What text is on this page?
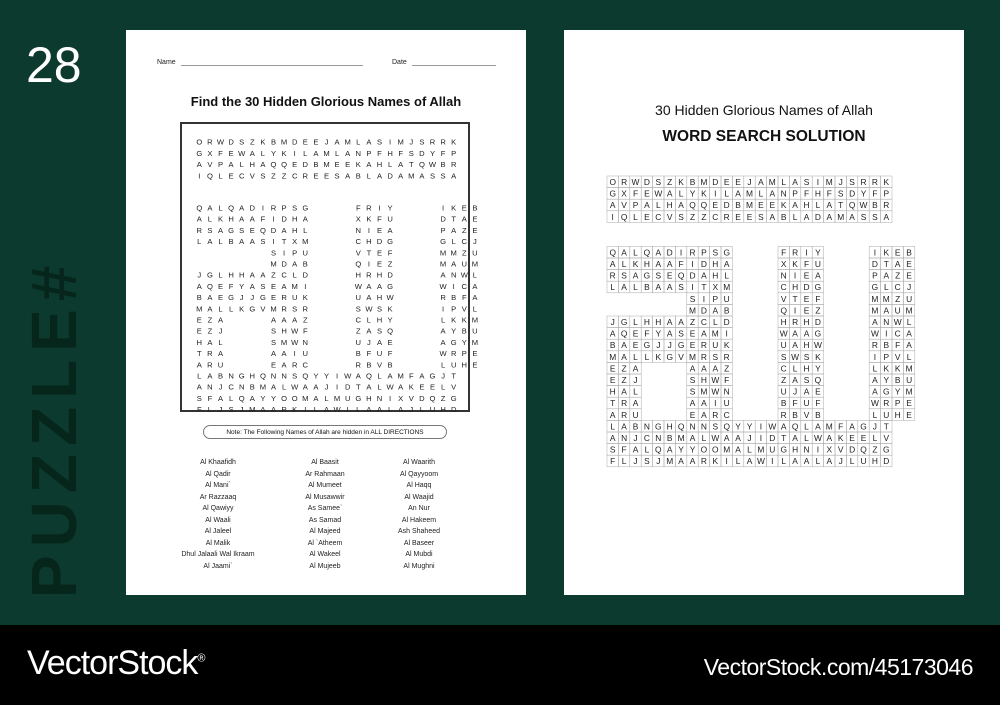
28
PUZZLE#
Name	Date
Find the 30 Hidden Glorious Names of Allah
O R W D S Z K B M D E E J A M L A S I M J S R R K
G X F E W A L Y K I L A M L A N P F H F S D Y F P
A V P A L H A Q Q E D B M E E K A H L A T Q W B R
I Q L E C V S Z Z C R E E S A B L A D A M A S S A
Q A L Q A D I R P S G	F R I Y	I K E B
A L K H A A F I D H A	X K F U	D T A E
R S A G S E Q D A H L	N I E A	P A Z E
L A L B A A S I T X M	C H D G	G L C J
S I P U	V T E F	M M Z U
M D A B	Q I E Z	M A U M
J G L H H A A Z C L D	H R H D	A N W L
A Q E F Y A S E A M I	W A A G	W I C A
B A E G J J G E R U K	U A H W	R B F A
M A L L K G V M R S R	S W S K	I P V L
E Z A	A A A Z	C L H Y	L K K M
E Z J	S H W F	Z A S Q	A Y B U
H A L	S M W N	U J A E	A G Y M
T R A	A A I U	B F U F	W R P E
A R U	E A R C	R B V B	L U H E
L A B N G H Q N N S Q Y Y I W A Q L A M F A G J T
A N J C N B M A L W A A J I D T A L W A K E E L V
S F A L Q A Y Y O O M A L M U G H N I X V D Q Z G
F L J S J M A A R K I L A W I L A A L A J L U H D
Note: The Following Names of Allah are hidden in ALL DIRECTIONS
Al Khaafidh
Al Qadir
Al Mani`
Ar Razzaaq
Al Qawiyy
Al Waali
Al Jaleel
Al Malik
Dhul Jalaali Wal Ikraam
Al Jaami`
Al Baasit
Ar Rahmaan
Al Mumeet
Al Musawwir
As Samee`
As Samad
Al Majeed
Al `Atheem
Al Wakeel
Al Mujeeb
Al Waarith
Al Qayyoom
Al Haqq
Al Waajid
An Nur
Al Hakeem
Ash Shaheed
Al Baseer
Al Mubdi
Al Mughni
30 Hidden Glorious Names of Allah
WORD SEARCH SOLUTION
O R W D S Z K B M D E E J A M L A S I M J S R R K
G X F E W A L Y K I L A M L A N P F H F S D Y F P
A V P A L H A Q Q E D B M E E K A H L A T Q W B R
I Q L E C V S Z Z C R E E S A B L A D A M A S S A
Q A L Q A D I R P S G	F R I Y	I K E B
A L K H A A F I D H A	X K F U	D T A E
R S A G S E Q D A H L	N I E A	P A Z E
L A L B A A S I T X M	C H D G	G L C J
S I P U	V T E F	M M Z U
M D A B	Q I E Z	M A U M
J G L H H A A Z C L D	H R H D	A N W L
A Q E F Y A S E A M I	W A A G	W I C A
B A E G J J G E R U K	U A H W	R B F A
M A L L K G V M R S R	S W S K	I P V L
E Z A	A A A Z	C L H Y	L K K M
E Z J	S H W F	Z A S Q	A Y B U
H A L	S M W N	U J A E	A G Y M
T R A	A A I U	B F U F	W R P E
A R U	E A R C	R B V B	L U H E
L A B N G H Q N N S Q Y Y I W A Q L A M F A G J T
A N J C N B M A L W A A J I D T A L W A K E E L V
S F A L Q A Y Y O O M A L M U G H N I X V D Q Z G
F L J S J M A A R K I L A W I L A A L A J L U H D
VectorStock®	VectorStock.com/45173046
